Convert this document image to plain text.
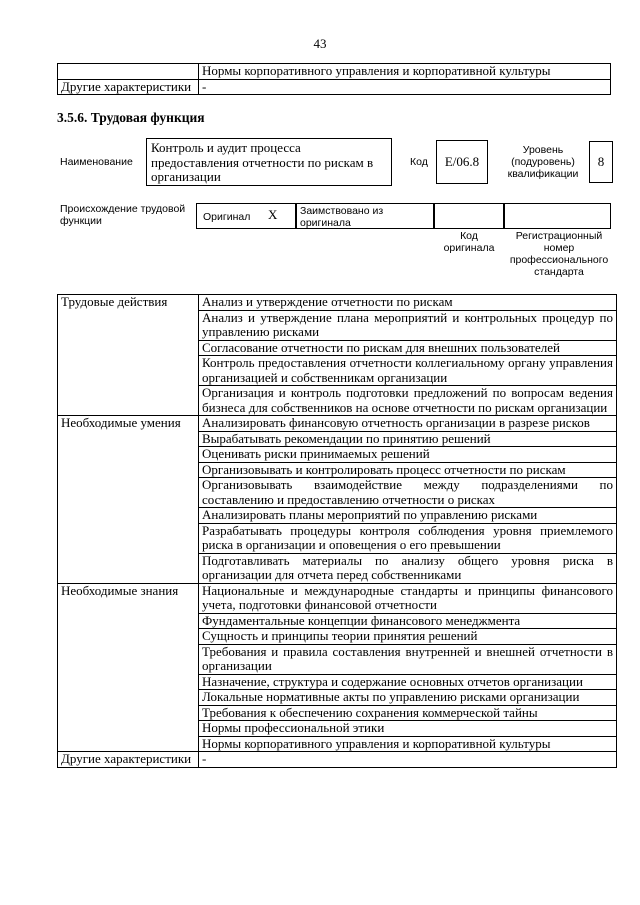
43
	Нормы корпоративного управления и корпоративной культуры
Другие характеристики	-
3.5.6. Трудовая функция
Наименование
Контроль и аудит процесса предоставления отчетности по рискам в организации
Код	E/06.8
Уровень (подуровень) квалификации
8
Происхождение трудовой функции	Оригинал X Заимствовано из оригинала
Код оригинала
Регистрационный номер профессионального стандарта
Трудовые действия	Анализ и утверждение отчетности по рискам
	Анализ и утверждение плана мероприятий и контрольных процедур по управлению рисками
	Согласование отчетности по рискам для внешних пользователей
	Контроль предоставления отчетности коллегиальному органу управления организацией и собственникам организации
	Организация и контроль подготовки предложений по вопросам ведения бизнеса для собственников на основе отчетности по рискам организации
Необходимые умения	Анализировать финансовую отчетность организации в разрезе рисков
	Вырабатывать рекомендации по принятию решений
	Оценивать риски принимаемых решений
	Организовывать и контролировать процесс отчетности по рискам
	Организовывать взаимодействие между подразделениями по составлению и предоставлению отчетности о рисках
	Анализировать планы мероприятий по управлению рисками
	Разрабатывать процедуры контроля соблюдения уровня приемлемого риска в организации и оповещения о его превышении
	Подготавливать материалы по анализу общего уровня риска в организации для отчета перед собственниками
Необходимые знания	Национальные и международные стандарты и принципы финансового учета, подготовки финансовой отчетности
	Фундаментальные концепции финансового менеджмента
	Сущность и принципы теории принятия решений
	Требования и правила составления внутренней и внешней отчетности в организации
	Назначение, структура и содержание основных отчетов организации
	Локальные нормативные акты по управлению рисками организации
	Требования к обеспечению сохранения коммерческой тайны
	Нормы профессиональной этики
	Нормы корпоративного управления и корпоративной культуры
Другие характеристики	-
